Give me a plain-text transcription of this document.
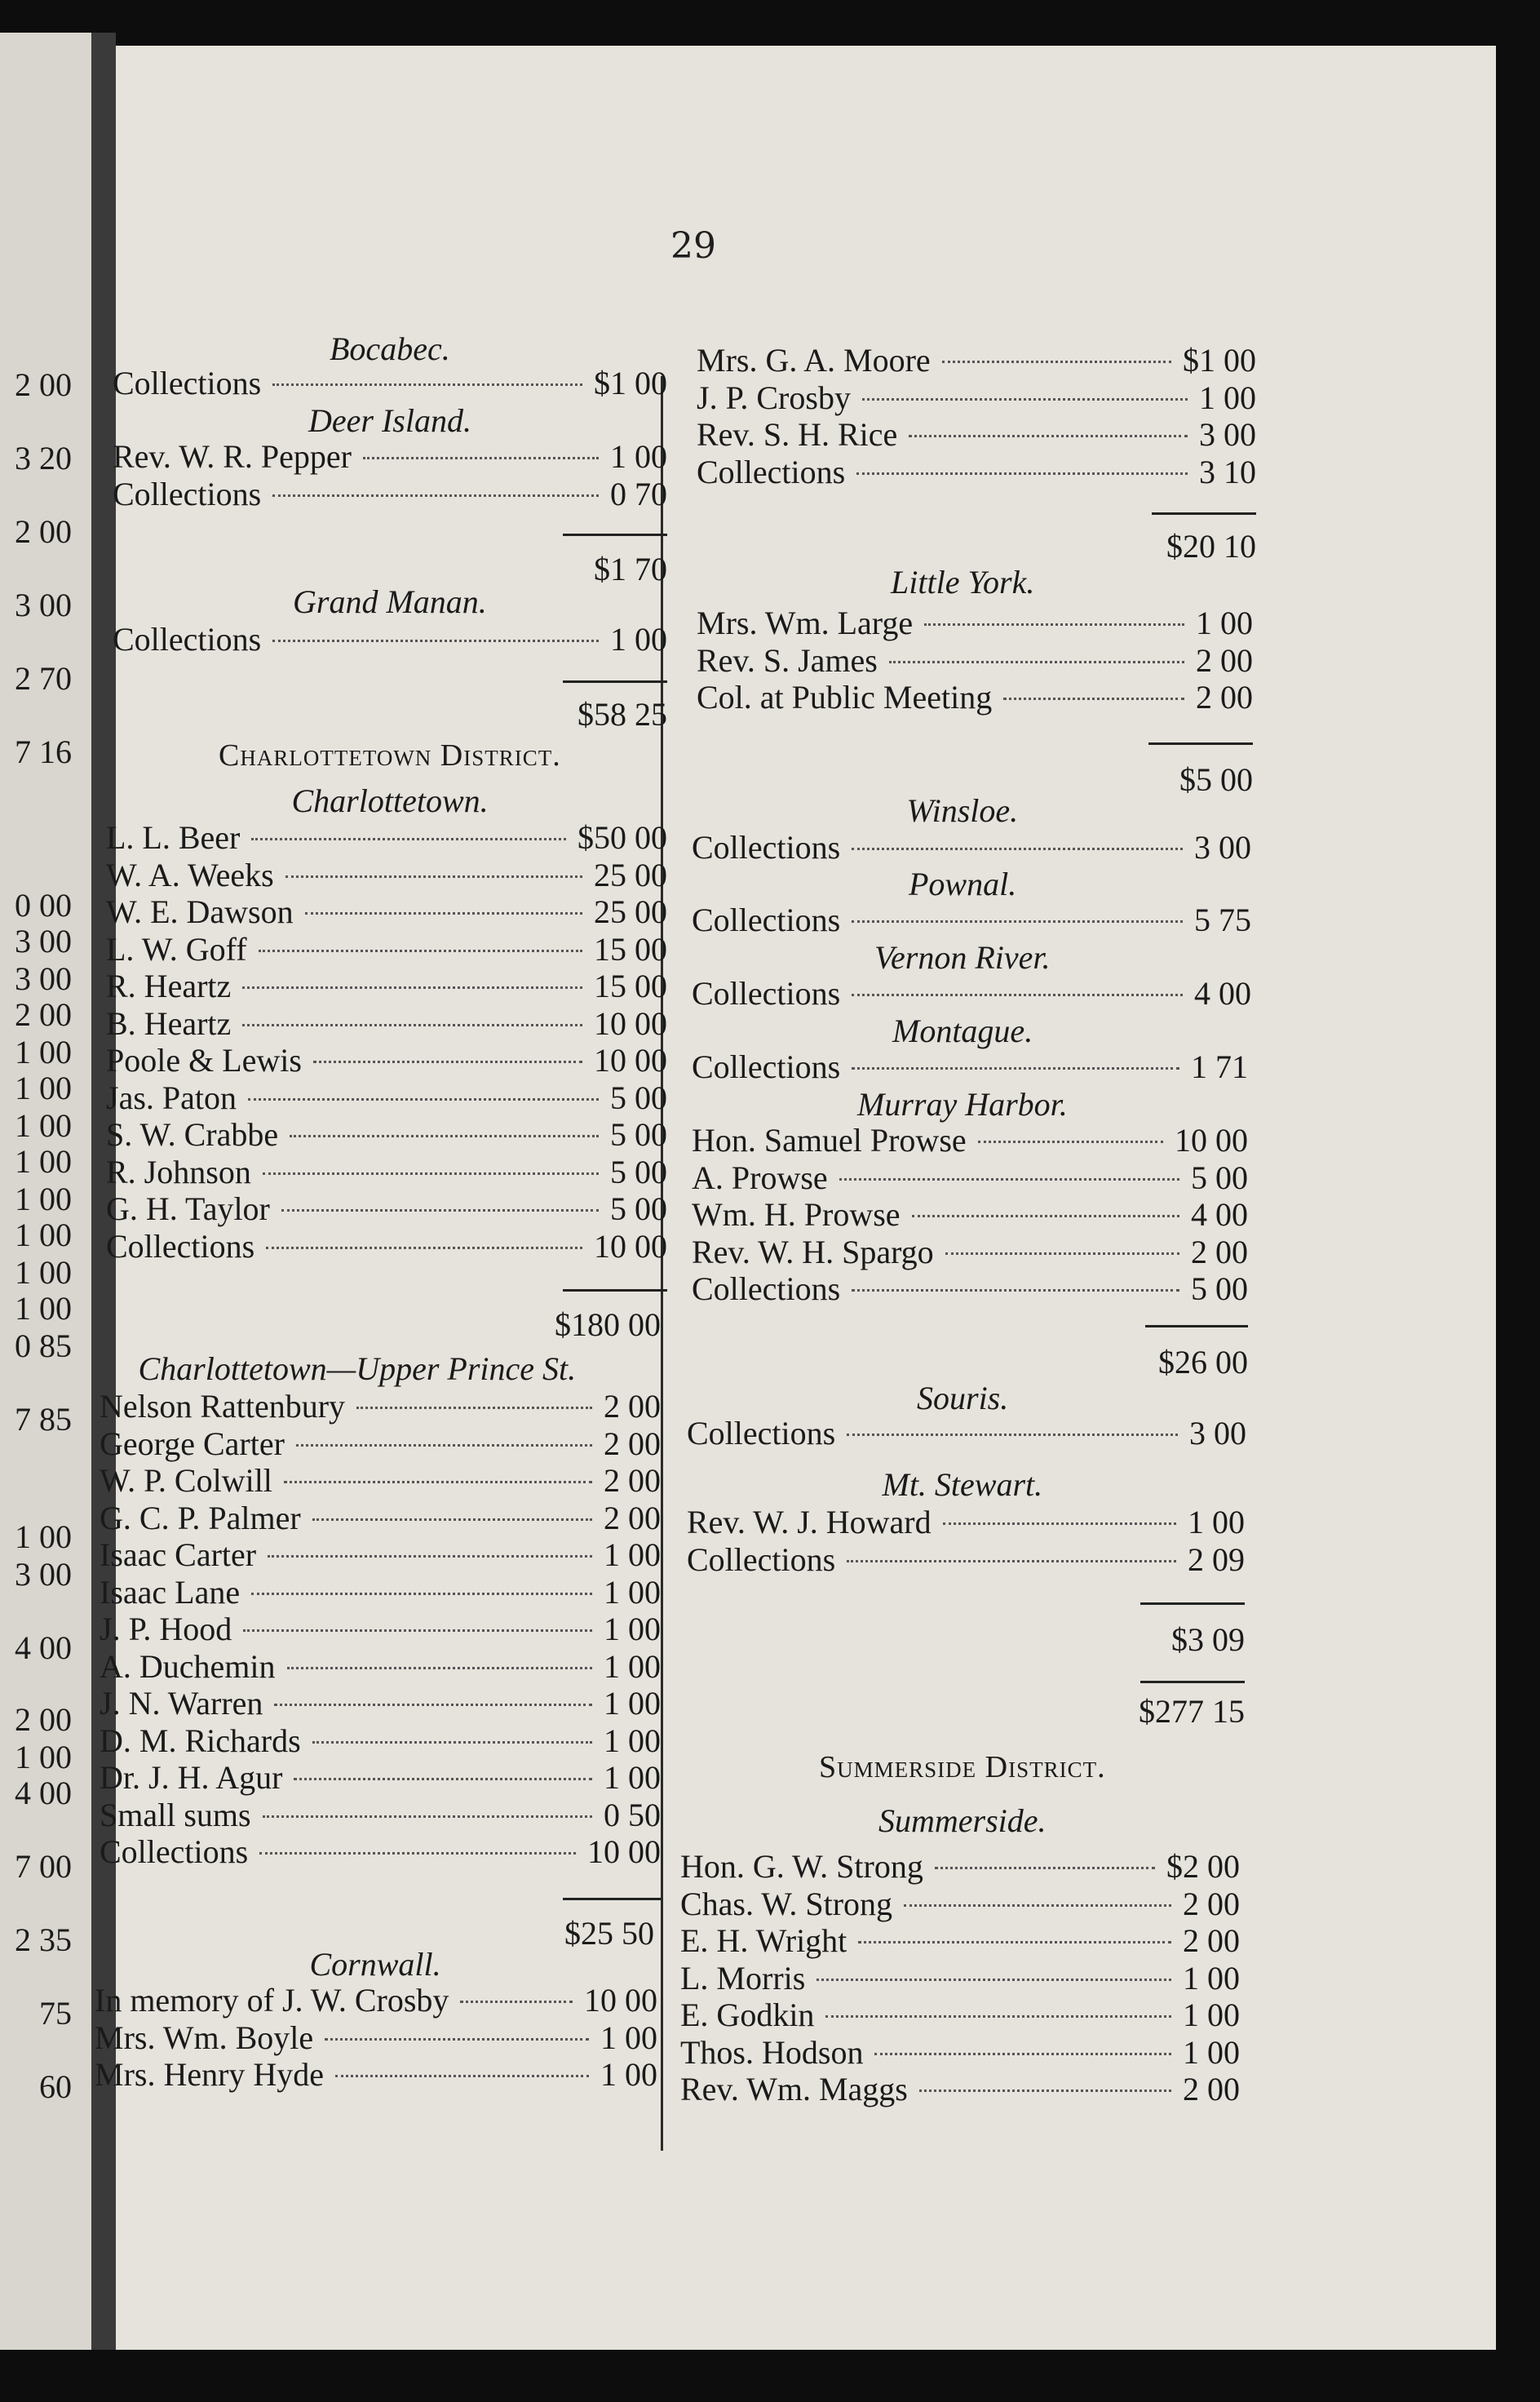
2 00
3 20
2 00
3 00
2 70
7 16
0 00
3 00
3 00
2 00
1 00
1 00
1 00
1 00
1 00
1 00
1 00
1 00
0 85
7 85
1 00
3 00
4 00
2 00
1 00
4 00
7 00
2 35
75
60
29
Bocabec.
Collections	$1 00
Deer Island.
Rev. W. R. Pepper	1 00
Collections	0 70
$1 70
Grand Manan.
Collections	1 00
$58 25
Charlottetown District.
Charlottetown.
L. L. Beer	$50 00
W. A. Weeks	25 00
W. E. Dawson	25 00
L. W. Goff	15 00
R. Heartz	15 00
B. Heartz	10 00
Poole & Lewis	10 00
Jas. Paton	5 00
S. W. Crabbe	5 00
R. Johnson	5 00
G. H. Taylor	5 00
Collections	10 00
$180 00
Charlottetown—Upper Prince St.
Nelson Rattenbury	2 00
George Carter	2 00
W. P. Colwill	2 00
G. C. P. Palmer	2 00
Isaac Carter	1 00
Isaac Lane	1 00
J. P. Hood	1 00
A. Duchemin	1 00
J. N. Warren	1 00
D. M. Richards	1 00
Dr. J. H. Agur	1 00
Small sums	0 50
Collections	10 00
$25 50
Cornwall.
In memory of J. W. Crosby	10 00
Mrs. Wm. Boyle	1 00
Mrs. Henry Hyde	1 00
Mrs. G. A. Moore	$1 00
J. P. Crosby	1 00
Rev. S. H. Rice	3 00
Collections	3 10
$20 10
Little York.
Mrs. Wm. Large	1 00
Rev. S. James	2 00
Col. at Public Meeting	2 00
$5 00
Winsloe.
Collections	3 00
Pownal.
Collections	5 75
Vernon River.
Collections	4 00
Montague.
Collections	1 71
Murray Harbor.
Hon. Samuel Prowse	10 00
A. Prowse	5 00
Wm. H. Prowse	4 00
Rev. W. H. Spargo	2 00
Collections	5 00
$26 00
Souris.
Collections	3 00
Mt. Stewart.
Rev. W. J. Howard	1 00
Collections	2 09
$3 09
$277 15
Summerside District.
Summerside.
Hon. G. W. Strong	$2 00
Chas. W. Strong	2 00
E. H. Wright	2 00
L. Morris	1 00
E. Godkin	1 00
Thos. Hodson	1 00
Rev. Wm. Maggs	2 00
